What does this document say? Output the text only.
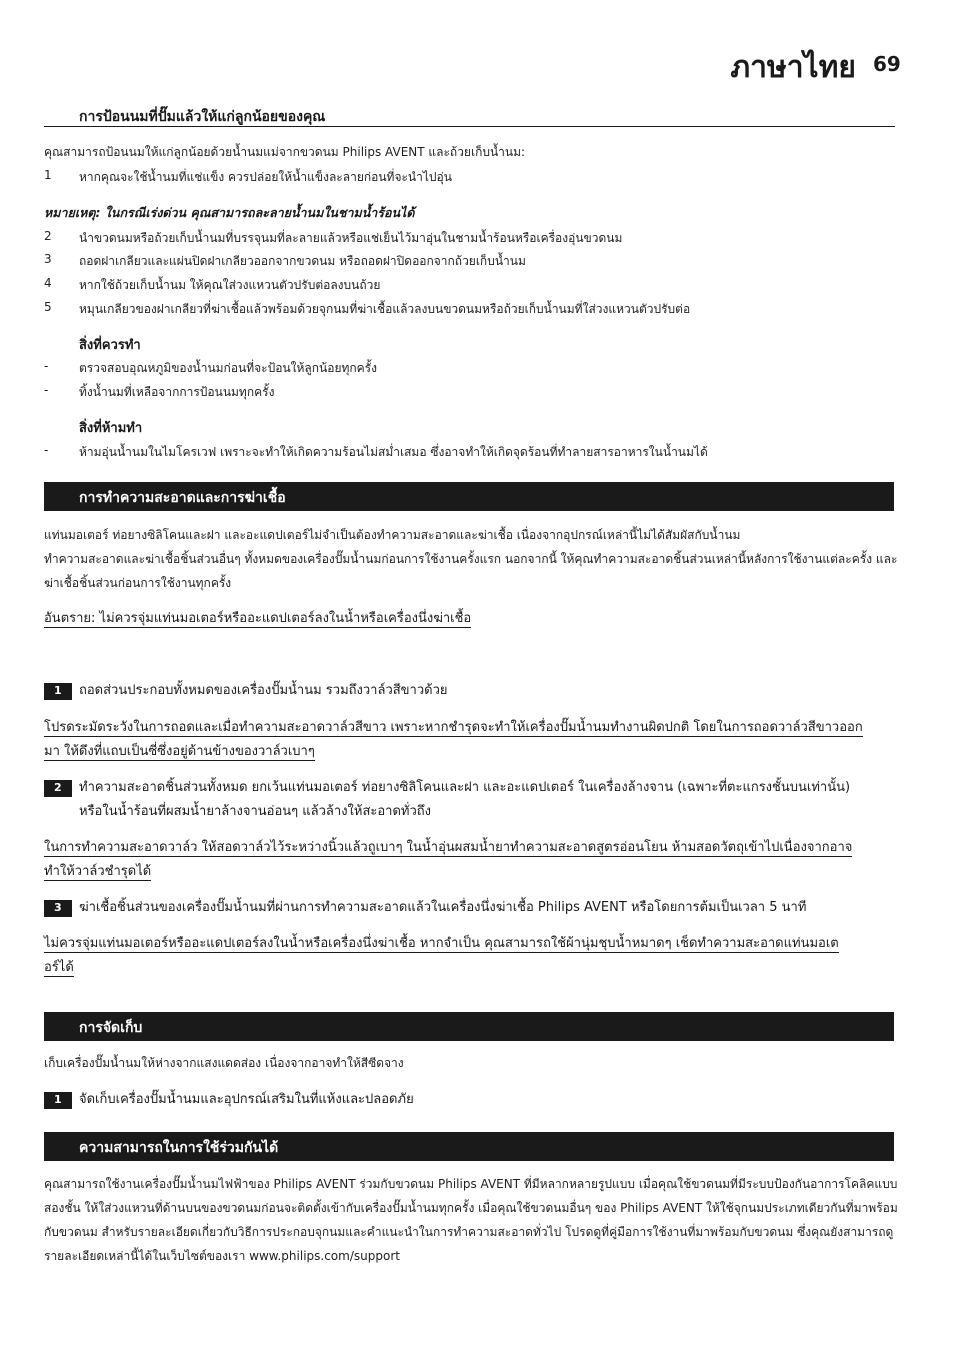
ภาษาไทย 69
การป้อนนมที่ปั๊มแล้วให้แก่ลูกน้อยของคุณ
คุณสามารถป้อนนมให้แก่ลูกน้อยด้วยน้ำนมแม่จากขวดนม Philips AVENT และถ้วยเก็บน้ำนม:
1 หากคุณจะใช้น้ำนมที่แช่แข็ง ควรปล่อยให้น้ำแข็งละลายก่อนที่จะนำไปอุ่น
หมายเหตุ: ในกรณีเร่งด่วน คุณสามารถละลายน้ำนมในชามน้ำร้อนได้
2 นำขวดนมหรือถ้วยเก็บน้ำนมที่บรรจุนมที่ละลายแล้วหรือแช่เย็นไว้มาอุ่นในชามน้ำร้อนหรือเครื่องอุ่นขวดนม
3 ถอดฝาเกลียวและแผ่นปิดฝาเกลียวออกจากขวดนม หรือถอดฝาปิดออกจากถ้วยเก็บน้ำนม
4 หากใช้ถ้วยเก็บน้ำนม ให้คุณใส่วงแหวนตัวปรับต่อลงบนถ้วย
5 หมุนเกลียวของฝาเกลียวที่ฆ่าเชื้อแล้วพร้อมด้วยจุกนมที่ฆ่าเชื้อแล้วลงบนขวดนมหรือถ้วยเก็บน้ำนมที่ใส่วงแหวนตัวปรับต่อ
สิ่งที่ควรทำ
-	ตรวจสอบอุณหภูมิของน้ำนมก่อนที่จะป้อนให้ลูกน้อยทุกครั้ง
-	ทิ้งน้ำนมที่เหลือจากการป้อนนมทุกครั้ง
สิ่งที่ห้ามทำ
-	ห้ามอุ่นน้ำนมในไมโครเวฟ เพราะจะทำให้เกิดความร้อนไม่สม่ำเสมอ ซึ่งอาจทำให้เกิดจุดร้อนที่ทำลายสารอาหารในน้ำนมได้
การทำความสะอาดและการฆ่าเชื้อ
แท่นมอเตอร์ ท่อยางซิลิโคนและฝา และอะแดปเตอร์ไม่จำเป็นต้องทำความสะอาดและฆ่าเชื้อ เนื่องจากอุปกรณ์เหล่านี้ไม่ได้สัมผัสกับน้ำนม
ทำความสะอาดและฆ่าเชื้อชิ้นส่วนอื่นๆ ทั้งหมดของเครื่องปั๊มน้ำนมก่อนการใช้งานครั้งแรก นอกจากนี้ ให้คุณทำความสะอาดชิ้นส่วนเหล่านี้หลังการใช้งานแต่ละครั้ง และ
ฆ่าเชื้อชิ้นส่วนก่อนการใช้งานทุกครั้ง
อันตราย: ไม่ควรจุ่มแท่นมอเตอร์หรืออะแดปเตอร์ลงในน้ำหรือเครื่องนึ่งฆ่าเชื้อ
1 ถอดส่วนประกอบทั้งหมดของเครื่องปั๊มน้ำนม รวมถึงวาล์วสีขาวด้วย
โปรดระมัดระวังในการถอดและเมื่อทำความสะอาดวาล์วสีขาว เพราะหากชำรุดจะทำให้เครื่องปั๊มน้ำนมทำงานผิดปกติ โดยในการถอดวาล์วสีขาวออก
มา ให้ดึงที่แถบเป็นซี่ซึ่งอยู่ด้านข้างของวาล์วเบาๆ
2 ทำความสะอาดชิ้นส่วนทั้งหมด ยกเว้นแท่นมอเตอร์ ท่อยางซิลิโคนและฝา และอะแดปเตอร์ ในเครื่องล้างจาน (เฉพาะที่ตะแกรงชั้นบนเท่านั้น)
หรือในน้ำร้อนที่ผสมน้ำยาล้างจานอ่อนๆ แล้วล้างให้สะอาดทั่วถึง
ในการทำความสะอาดวาล์ว ให้สอดวาล์วไว้ระหว่างนิ้วแล้วถูเบาๆ ในน้ำอุ่นผสมน้ำยาทำความสะอาดสูตรอ่อนโยน ห้ามสอดวัตถุเข้าไปเนื่องจากอาจ
ทำให้วาล์วชำรุดได้
3 ฆ่าเชื้อชิ้นส่วนของเครื่องปั๊มน้ำนมที่ผ่านการทำความสะอาดแล้วในเครื่องนึ่งฆ่าเชื้อ Philips AVENT หรือโดยการต้มเป็นเวลา 5 นาที
ไม่ควรจุ่มแท่นมอเตอร์หรืออะแดปเตอร์ลงในน้ำหรือเครื่องนึ่งฆ่าเชื้อ หากจำเป็น คุณสามารถใช้ผ้านุ่มชุบน้ำหมาดๆ เช็ดทำความสะอาดแท่นมอเต
อร์ได้
การจัดเก็บ
เก็บเครื่องปั๊มน้ำนมให้ห่างจากแสงแดดส่อง เนื่องจากอาจทำให้สีซีดจาง
1 จัดเก็บเครื่องปั๊มน้ำนมและอุปกรณ์เสริมในที่แห้งและปลอดภัย
ความสามารถในการใช้ร่วมกันได้
คุณสามารถใช้งานเครื่องปั๊มน้ำนมไฟฟ้าของ Philips AVENT ร่วมกับขวดนม Philips AVENT ที่มีหลากหลายรูปแบบ เมื่อคุณใช้ขวดนมที่มีระบบป้องกันอาการโคลิคแบบ
สองชั้น ให้ใส่วงแหวนที่ด้านบนของขวดนมก่อนจะติดตั้งเข้ากับเครื่องปั๊มน้ำนมทุกครั้ง เมื่อคุณใช้ขวดนมอื่นๆ ของ Philips AVENT ให้ใช้จุกนมประเภทเดียวกันที่มาพร้อม
กับขวดนม สำหรับรายละเอียดเกี่ยวกับวิธีการประกอบจุกนมและคำแนะนำในการทำความสะอาดทั่วไป โปรดดูที่คู่มือการใช้งานที่มาพร้อมกับขวดนม ซึ่งคุณยังสามารถดู
รายละเอียดเหล่านี้ได้ในเว็บไซต์ของเรา www.philips.com/support
